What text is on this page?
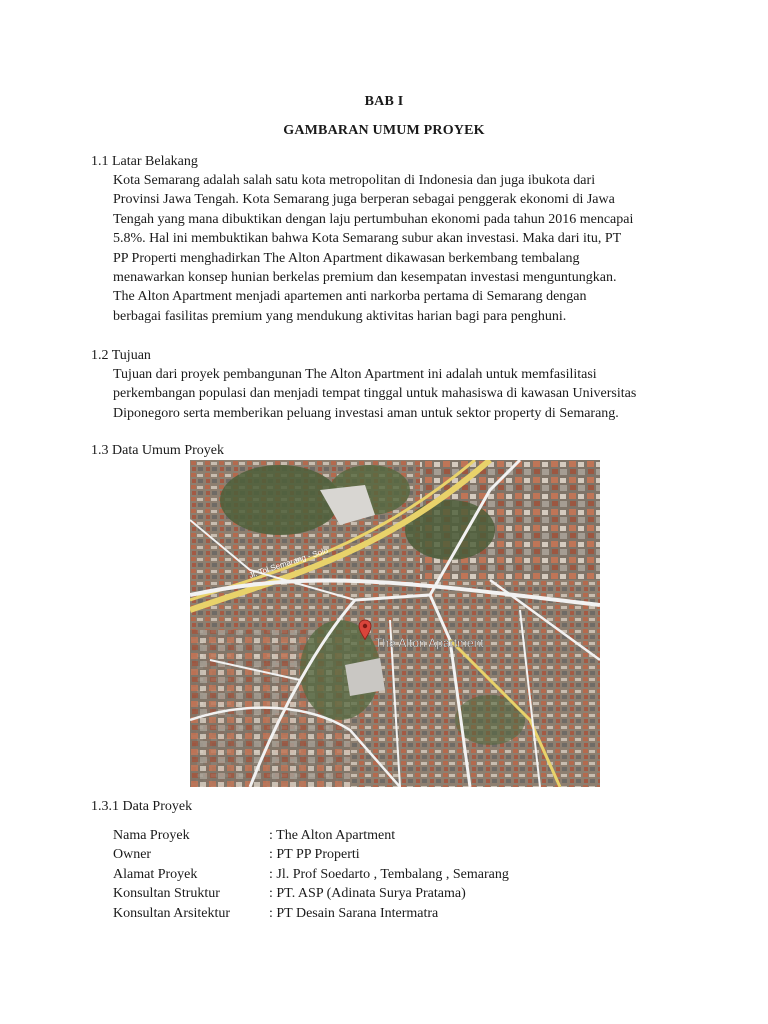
BAB I
GAMBARAN UMUM PROYEK
1.1 Latar Belakang
Kota Semarang adalah salah satu kota metropolitan di Indonesia dan juga ibukota dari
Provinsi Jawa Tengah. Kota Semarang juga berperan sebagai penggerak ekonomi di Jawa
Tengah yang mana dibuktikan dengan laju pertumbuhan ekonomi pada tahun 2016 mencapai
5.8%. Hal ini membuktikan bahwa Kota Semarang subur akan investasi. Maka dari itu, PT
PP Properti menghadirkan The Alton Apartment dikawasan berkembang tembalang
menawarkan konsep hunian berkelas premium dan kesempatan investasi menguntungkan.
The Alton Apartment menjadi apartemen anti narkorba pertama di Semarang dengan
berbagai fasilitas premium yang mendukung aktivitas harian bagi para penghuni.
1.2 Tujuan
Tujuan dari proyek pembangunan The Alton Apartment ini adalah untuk memfasilitasi
perkembangan populasi dan menjadi tempat tinggal untuk mahasiswa di kawasan Universitas
Diponegoro serta memberikan peluang investasi aman untuk sektor property di Semarang.
1.3 Data Umum Proyek
Jl. Tol Semarang - Solo
The Alton Apartment
1.3.1 Data Proyek
Nama Proyek	: The Alton Apartment
Owner	: PT PP Properti
Alamat Proyek	: Jl. Prof Soedarto , Tembalang , Semarang
Konsultan Struktur	: PT. ASP (Adinata Surya Pratama)
Konsultan Arsitektur	: PT Desain Sarana Intermatra
